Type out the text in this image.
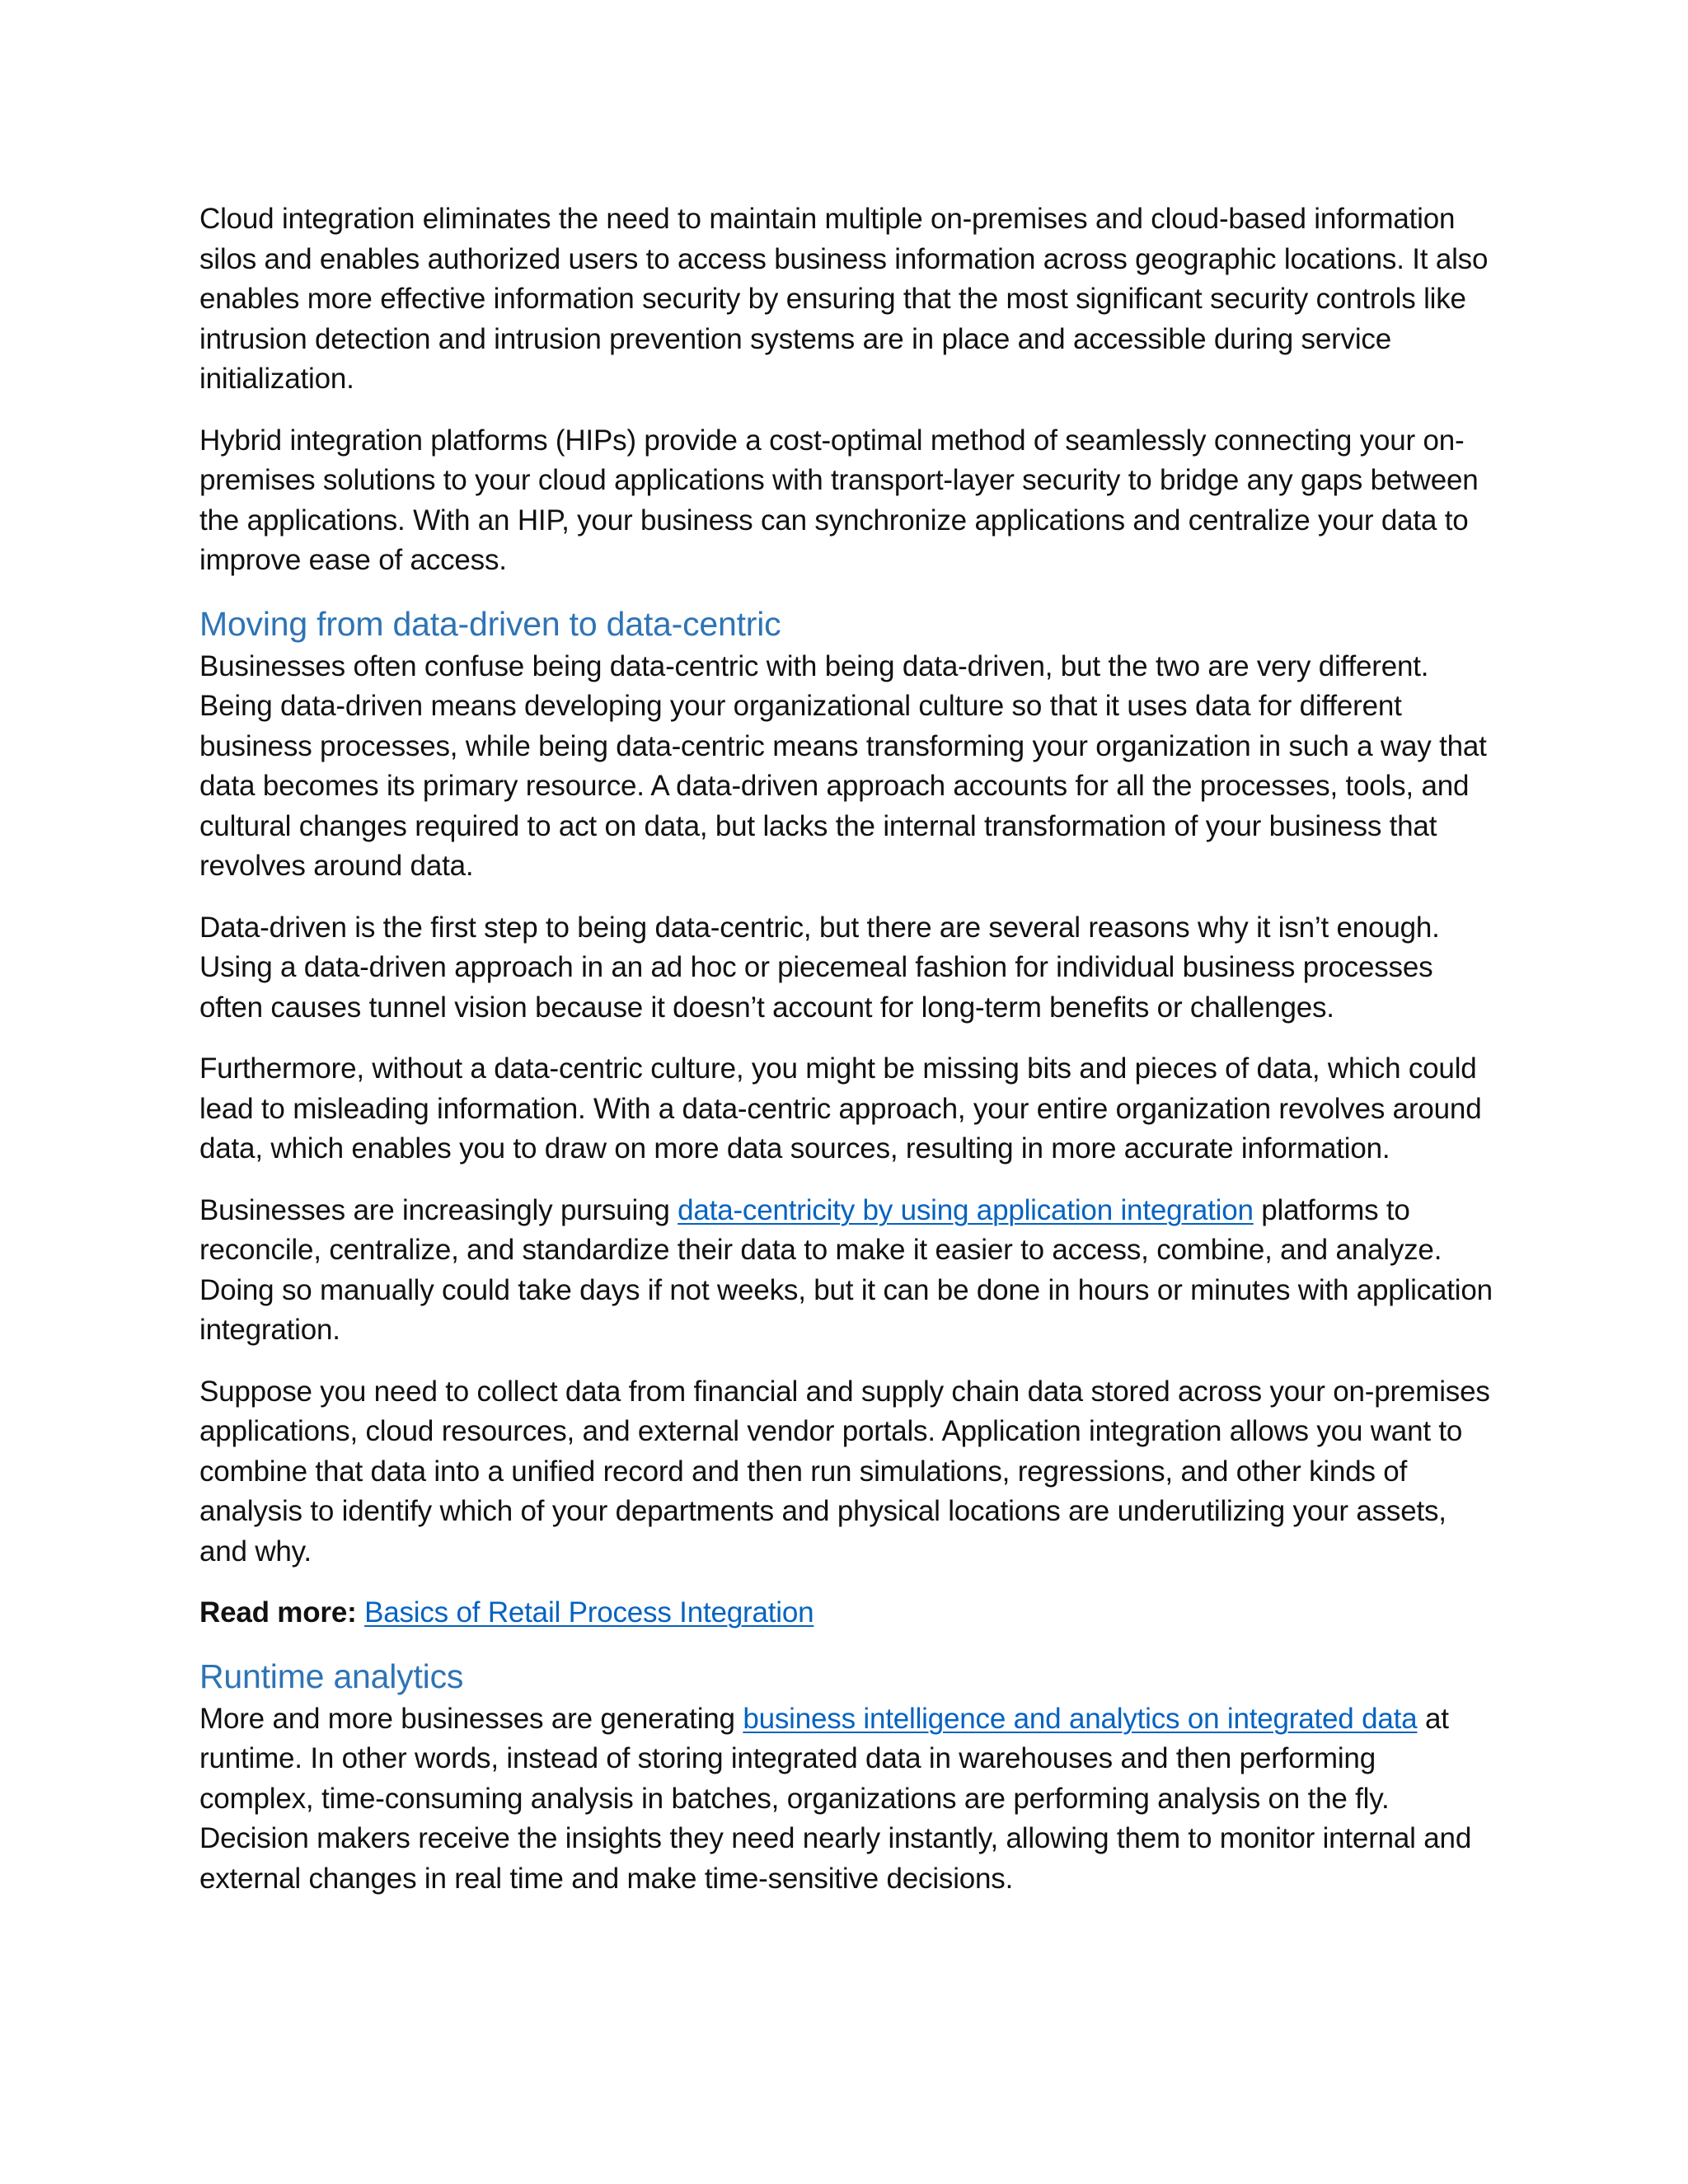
Cloud integration eliminates the need to maintain multiple on-premises and cloud-based information silos and enables authorized users to access business information across geographic locations. It also enables more effective information security by ensuring that the most significant security controls like intrusion detection and intrusion prevention systems are in place and accessible during service initialization.

Hybrid integration platforms (HIPs) provide a cost-optimal method of seamlessly connecting your on-premises solutions to your cloud applications with transport-layer security to bridge any gaps between the applications. With an HIP, your business can synchronize applications and centralize your data to improve ease of access.

Moving from data-driven to data-centric

Businesses often confuse being data-centric with being data-driven, but the two are very different. Being data-driven means developing your organizational culture so that it uses data for different business processes, while being data-centric means transforming your organization in such a way that data becomes its primary resource. A data-driven approach accounts for all the processes, tools, and cultural changes required to act on data, but lacks the internal transformation of your business that revolves around data.

Data-driven is the first step to being data-centric, but there are several reasons why it isn’t enough. Using a data-driven approach in an ad hoc or piecemeal fashion for individual business processes often causes tunnel vision because it doesn’t account for long-term benefits or challenges.

Furthermore, without a data-centric culture, you might be missing bits and pieces of data, which could lead to misleading information. With a data-centric approach, your entire organization revolves around data, which enables you to draw on more data sources, resulting in more accurate information.

Businesses are increasingly pursuing data-centricity by using application integration platforms to reconcile, centralize, and standardize their data to make it easier to access, combine, and analyze. Doing so manually could take days if not weeks, but it can be done in hours or minutes with application integration.

Suppose you need to collect data from financial and supply chain data stored across your on-premises applications, cloud resources, and external vendor portals. Application integration allows you want to combine that data into a unified record and then run simulations, regressions, and other kinds of analysis to identify which of your departments and physical locations are underutilizing your assets, and why.

Read more: Basics of Retail Process Integration

Runtime analytics

More and more businesses are generating business intelligence and analytics on integrated data at runtime. In other words, instead of storing integrated data in warehouses and then performing complex, time-consuming analysis in batches, organizations are performing analysis on the fly. Decision makers receive the insights they need nearly instantly, allowing them to monitor internal and external changes in real time and make time-sensitive decisions.
